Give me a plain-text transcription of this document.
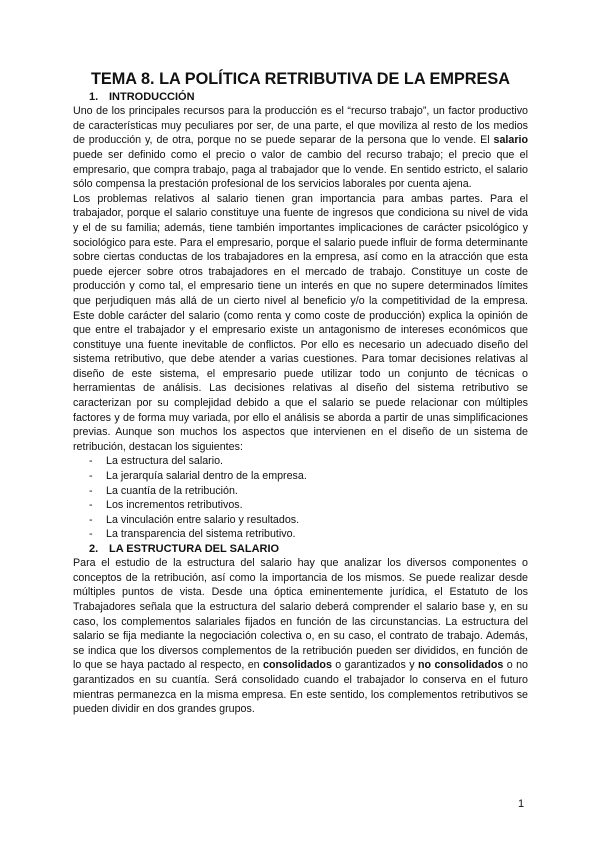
TEMA 8. LA POLÍTICA RETRIBUTIVA DE LA EMPRESA
1. INTRODUCCIÓN

Uno de los principales recursos para la producción es el “recurso trabajo”, un factor productivo de características muy peculiares por ser, de una parte, el que moviliza al resto de los medios de producción y, de otra, porque no se puede separar de la persona que lo vende. El salario puede ser definido como el precio o valor de cambio del recurso trabajo; el precio que el empresario, que compra trabajo, paga al trabajador que lo vende. En sentido estricto, el salario sólo compensa la prestación profesional de los servicios laborales por cuenta ajena.

Los problemas relativos al salario tienen gran importancia para ambas partes. Para el trabajador, porque el salario constituye una fuente de ingresos que condiciona su nivel de vida y el de su familia; además, tiene también importantes implicaciones de carácter psicológico y sociológico para este. Para el empresario, porque el salario puede influir de forma determinante sobre ciertas conductas de los trabajadores en la empresa, así como en la atracción que esta puede ejercer sobre otros trabajadores en el mercado de trabajo. Constituye un coste de producción y como tal, el empresario tiene un interés en que no supere determinados límites que perjudiquen más allá de un cierto nivel al beneficio y/o la competitividad de la empresa. Este doble carácter del salario (como renta y como coste de producción) explica la opinión de que entre el trabajador y el empresario existe un antagonismo de intereses económicos que constituye una fuente inevitable de conflictos. Por ello es necesario un adecuado diseño del sistema retributivo, que debe atender a varias cuestiones. Para tomar decisiones relativas al diseño de este sistema, el empresario puede utilizar todo un conjunto de técnicas o herramientas de análisis. Las decisiones relativas al diseño del sistema retributivo se caracterizan por su complejidad debido a que el salario se puede relacionar con múltiples factores y de forma muy variada, por ello el análisis se aborda a partir de unas simplificaciones previas. Aunque son muchos los aspectos que intervienen en el diseño de un sistema de retribución, destacan los siguientes:

- La estructura del salario.
- La jerarquía salarial dentro de la empresa.
- La cuantía de la retribución.
- Los incrementos retributivos.
- La vinculación entre salario y resultados.
- La transparencia del sistema retributivo.
2. LA ESTRUCTURA DEL SALARIO

Para el estudio de la estructura del salario hay que analizar los diversos componentes o conceptos de la retribución, así como la importancia de los mismos. Se puede realizar desde múltiples puntos de vista. Desde una óptica eminentemente jurídica, el Estatuto de los Trabajadores señala que la estructura del salario deberá comprender el salario base y, en su caso, los complementos salariales fijados en función de las circunstancias. La estructura del salario se fija mediante la negociación colectiva o, en su caso, el contrato de trabajo. Además, se indica que los diversos complementos de la retribución pueden ser divididos, en función de lo que se haya pactado al respecto, en consolidados o garantizados y no consolidados o no garantizados en su cuantía. Será consolidado cuando el trabajador lo conserva en el futuro mientras permanezca en la misma empresa. En este sentido, los complementos retributivos se pueden dividir en dos grandes grupos.

1
